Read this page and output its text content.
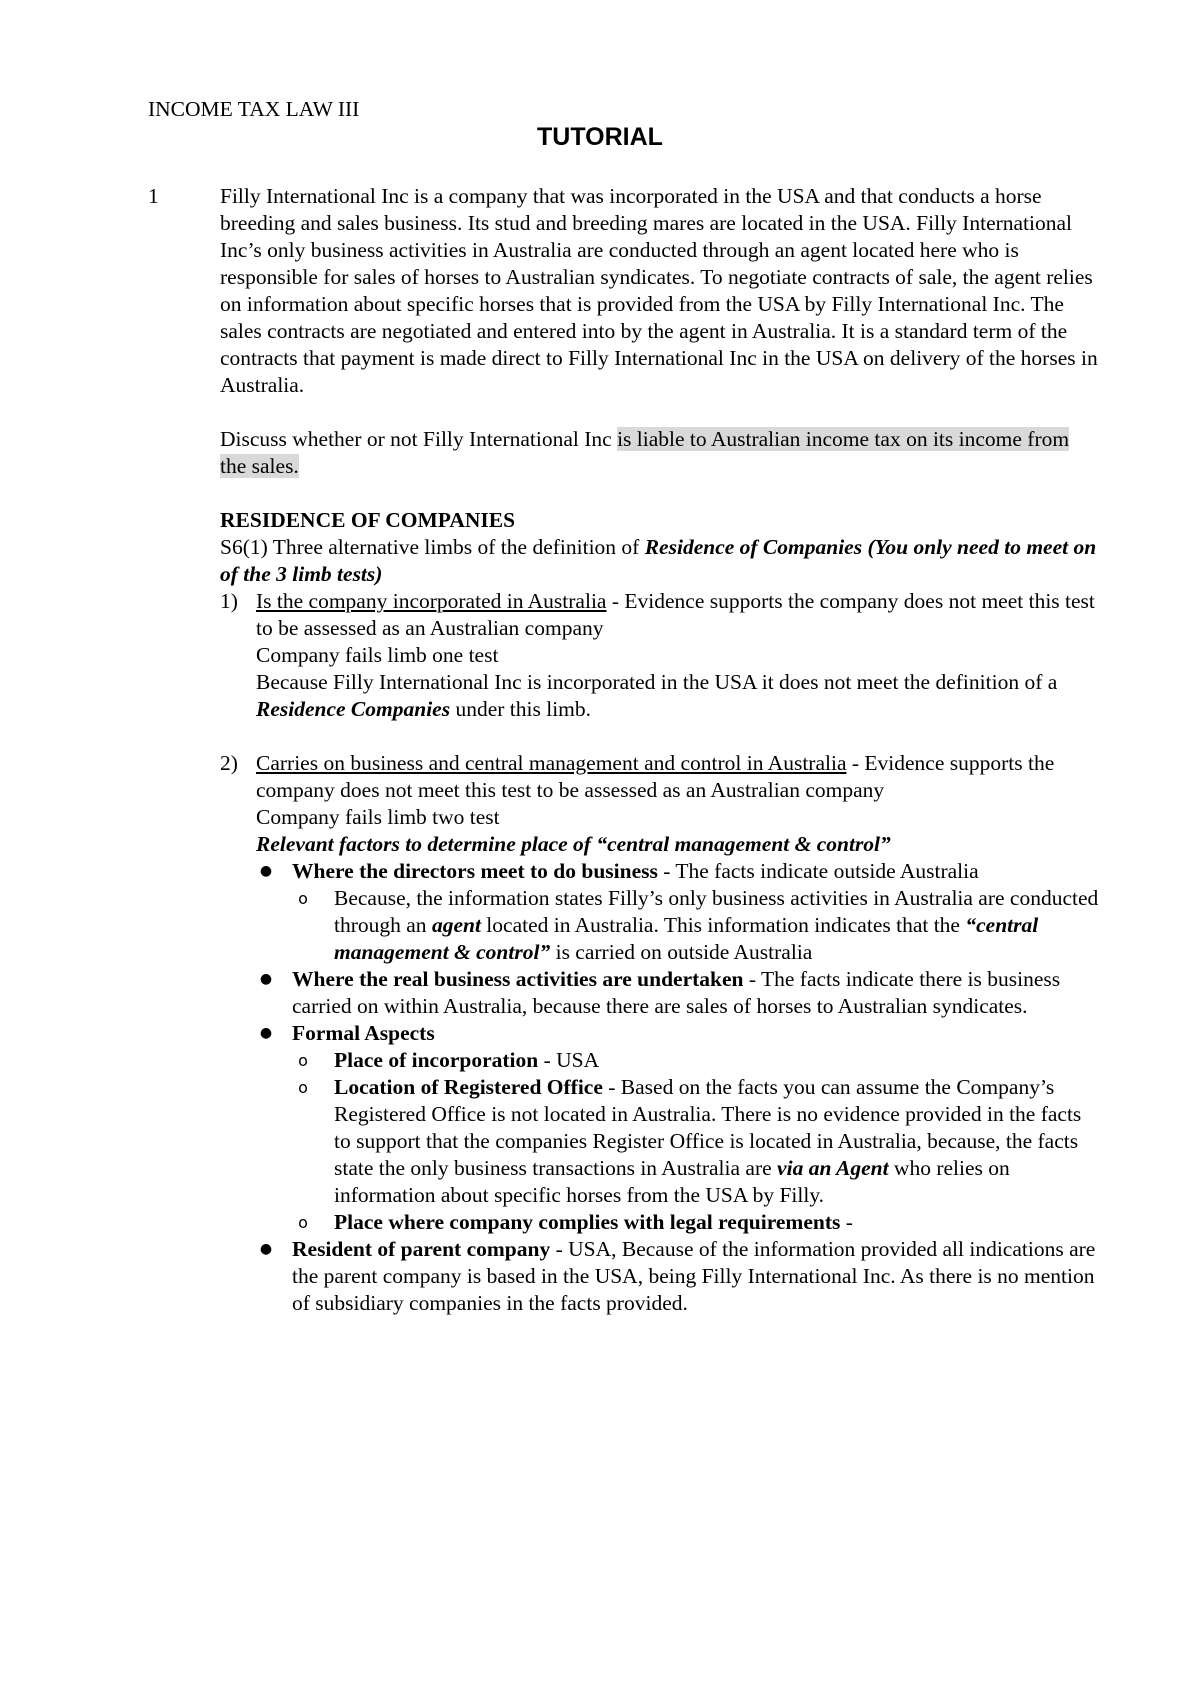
INCOME TAX LAW III
TUTORIAL
1	Filly International Inc is a company that was incorporated in the USA and that conducts a horse breeding and sales business. Its stud and breeding mares are located in the USA. Filly International Inc’s only business activities in Australia are conducted through an agent located here who is responsible for sales of horses to Australian syndicates. To negotiate contracts of sale, the agent relies on information about specific horses that is provided from the USA by Filly International Inc. The sales contracts are negotiated and entered into by the agent in Australia. It is a standard term of the contracts that payment is made direct to Filly International Inc in the USA on delivery of the horses in Australia.

Discuss whether or not Filly International Inc is liable to Australian income tax on its income from the sales.

RESIDENCE OF COMPANIES

S6(1) Three alternative limbs of the definition of Residence of Companies (You only need to meet on of the 3 limb tests)

1) Is the company incorporated in Australia - Evidence supports the company does not meet this test to be assessed as an Australian company

Company fails limb one test

Because Filly International Inc is incorporated in the USA it does not meet the definition of a Residence Companies under this limb.

2) Carries on business and central management and control in Australia - Evidence supports the company does not meet this test to be assessed as an Australian company

Company fails limb two test

Relevant factors to determine place of “central management & control”

● Where the directors meet to do business - The facts indicate outside Australia

o Because, the information states Filly’s only business activities in Australia are conducted through an agent located in Australia. This information indicates that the “central management & control” is carried on outside Australia

● Where the real business activities are undertaken - The facts indicate there is business carried on within Australia, because there are sales of horses to Australian syndicates.

● Formal Aspects

o Place of incorporation - USA

o Location of Registered Office - Based on the facts you can assume the Company’s Registered Office is not located in Australia. There is no evidence provided in the facts to support that the companies Register Office is located in Australia, because, the facts state the only business transactions in Australia are via an Agent who relies on information about specific horses from the USA by Filly.

o Place where company complies with legal requirements -

● Resident of parent company - USA, Because of the information provided all indications are the parent company is based in the USA, being Filly International Inc. As there is no mention of subsidiary companies in the facts provided.
